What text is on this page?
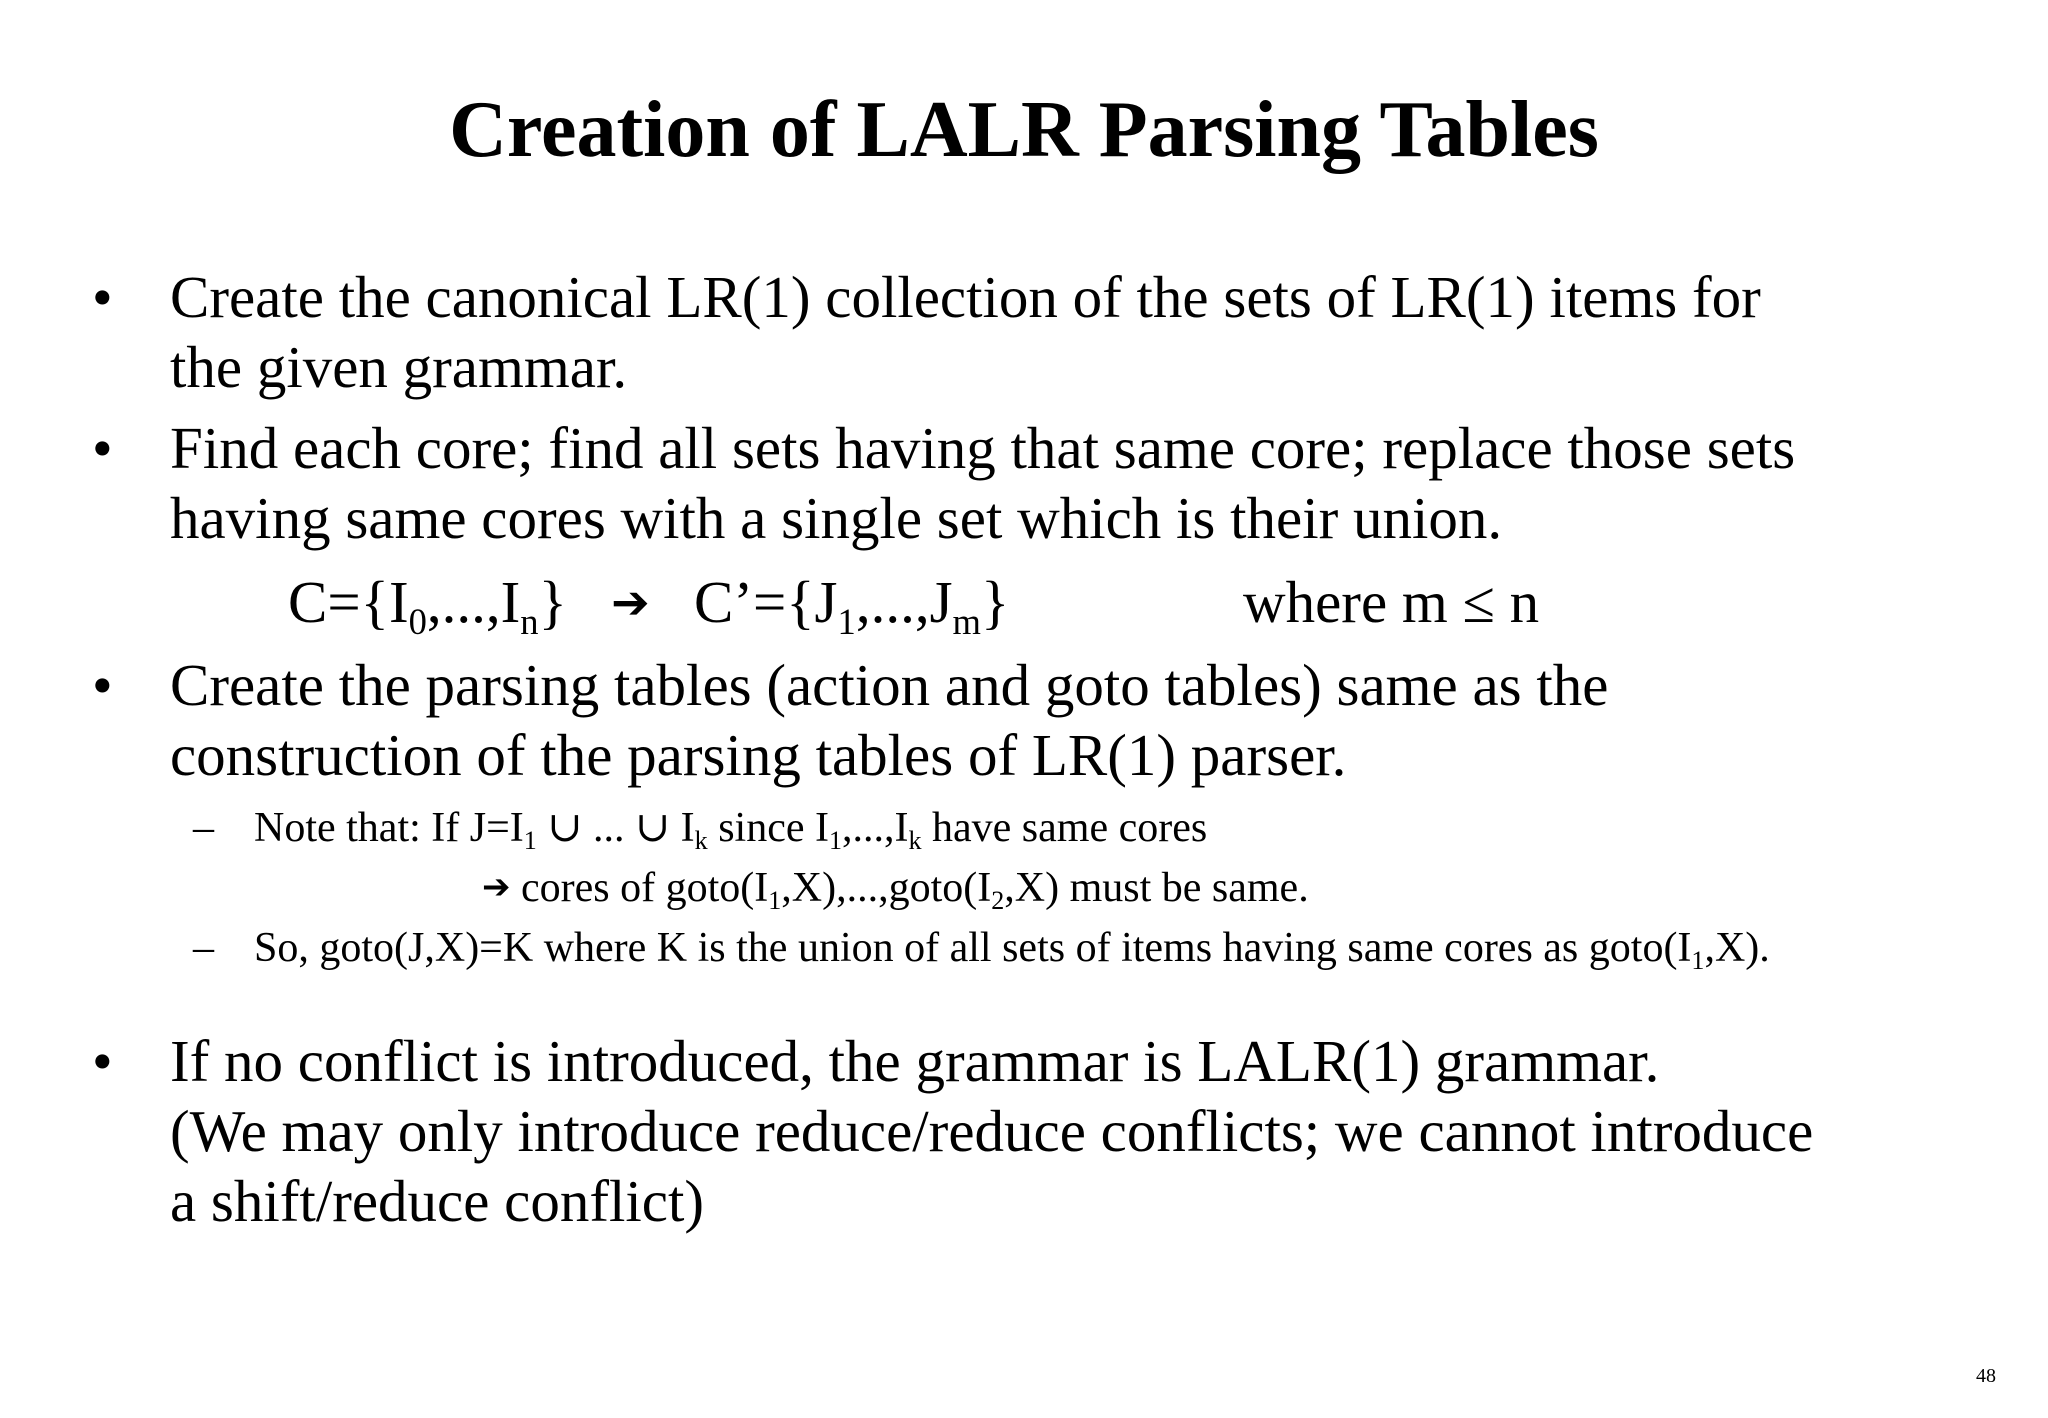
Creation of LALR Parsing Tables
• Create the canonical LR(1) collection of the sets of LR(1) items for
the given grammar.
• Find each core; find all sets having that same core; replace those sets
having same cores with a single set which is their union.
C={I0,...,In} ➔ C’={J1,...,Jm}	where m ≤ n
• Create the parsing tables (action and goto tables) same as the
construction of the parsing tables of LR(1) parser.
– Note that: If J=I1 ∪ ... ∪ Ik since I1,...,Ik have same cores
➔ cores of goto(I1,X),...,goto(I2,X) must be same.
– So, goto(J,X)=K where K is the union of all sets of items having same cores as goto(I1,X).
• If no conflict is introduced, the grammar is LALR(1) grammar.
(We may only introduce reduce/reduce conflicts; we cannot introduce
a shift/reduce conflict)
48
